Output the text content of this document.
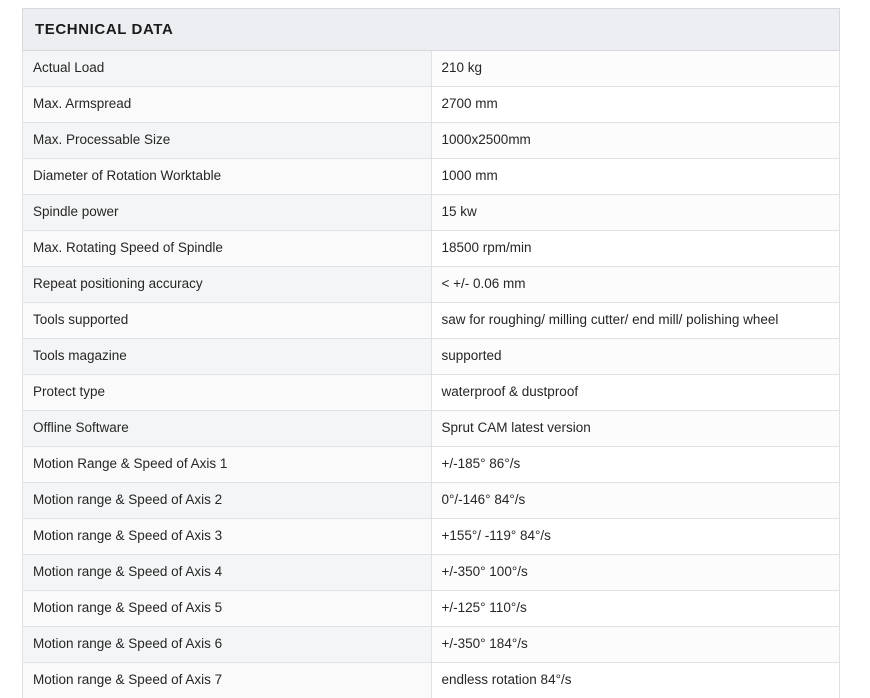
TECHNICAL DATA	
Actual Load	210 kg
Max. Armspread	2700 mm
Max. Processable Size	1000x2500mm
Diameter of Rotation Worktable	1000 mm
Spindle power	15 kw
Max. Rotating Speed of Spindle	18500 rpm/min
Repeat positioning accuracy	< +/- 0.06 mm
Tools supported	saw for roughing/ milling cutter/ end mill/ polishing wheel
Tools magazine	supported
Protect type	waterproof & dustproof
Offline Software	Sprut CAM latest version
Motion Range & Speed of Axis 1	+/-185° 86°/s
Motion range & Speed of Axis 2	0°/-146° 84°/s
Motion range & Speed of Axis 3	+155°/ -119° 84°/s
Motion range & Speed of Axis 4	+/-350° 100°/s
Motion range & Speed of Axis 5	+/-125° 110°/s
Motion range & Speed of Axis 6	+/-350° 184°/s
Motion range & Speed of Axis 7	endless rotation 84°/s
